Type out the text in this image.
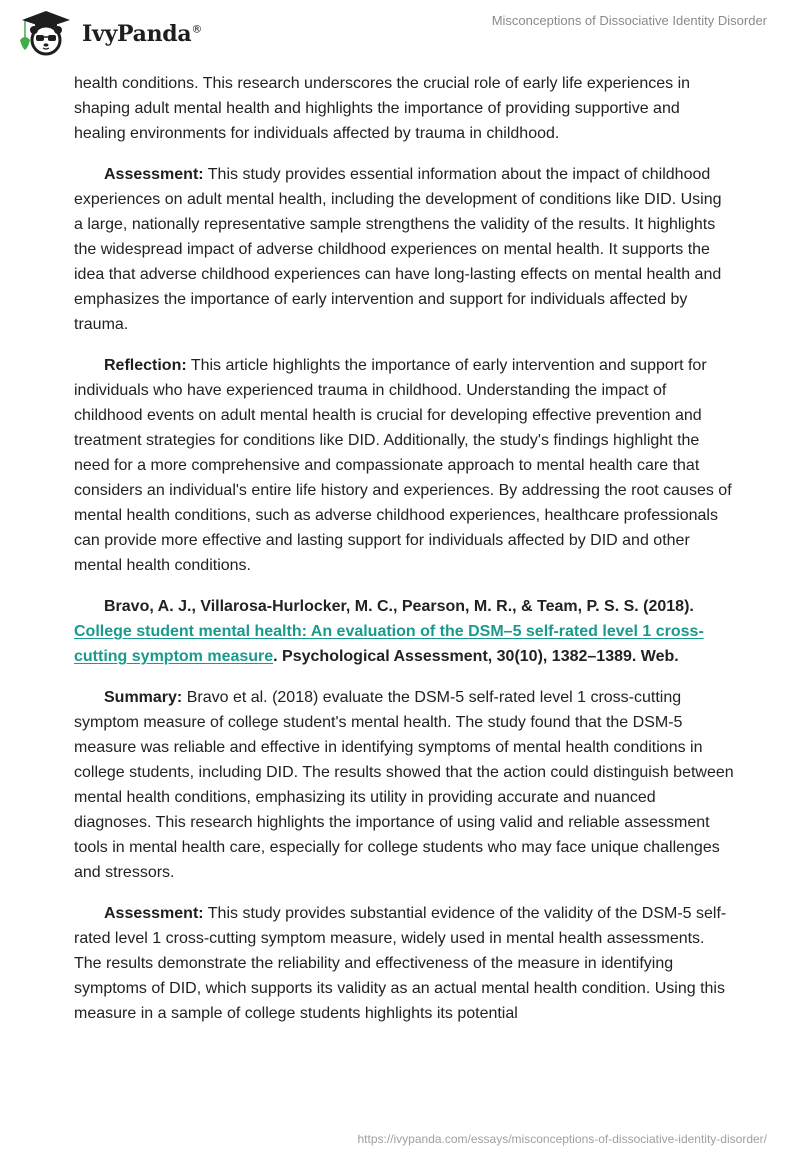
IvyPanda®
Misconceptions of Dissociative Identity Disorder

health conditions. This research underscores the crucial role of early life experiences in shaping adult mental health and highlights the importance of providing supportive and healing environments for individuals affected by trauma in childhood.

Assessment: This study provides essential information about the impact of childhood experiences on adult mental health, including the development of conditions like DID. Using a large, nationally representative sample strengthens the validity of the results. It highlights the widespread impact of adverse childhood experiences on mental health. It supports the idea that adverse childhood experiences can have long-lasting effects on mental health and emphasizes the importance of early intervention and support for individuals affected by trauma.

Reflection: This article highlights the importance of early intervention and support for individuals who have experienced trauma in childhood. Understanding the impact of childhood events on adult mental health is crucial for developing effective prevention and treatment strategies for conditions like DID. Additionally, the study's findings highlight the need for a more comprehensive and compassionate approach to mental health care that considers an individual's entire life history and experiences. By addressing the root causes of mental health conditions, such as adverse childhood experiences, healthcare professionals can provide more effective and lasting support for individuals affected by DID and other mental health conditions.

Bravo, A. J., Villarosa-Hurlocker, M. C., Pearson, M. R., & Team, P. S. S. (2018). College student mental health: An evaluation of the DSM–5 self-rated level 1 cross-cutting symptom measure. Psychological Assessment, 30(10), 1382–1389. Web.

Summary: Bravo et al. (2018) evaluate the DSM-5 self-rated level 1 cross-cutting symptom measure of college student's mental health. The study found that the DSM-5 measure was reliable and effective in identifying symptoms of mental health conditions in college students, including DID. The results showed that the action could distinguish between mental health conditions, emphasizing its utility in providing accurate and nuanced diagnoses. This research highlights the importance of using valid and reliable assessment tools in mental health care, especially for college students who may face unique challenges and stressors.

Assessment: This study provides substantial evidence of the validity of the DSM-5 self-rated level 1 cross-cutting symptom measure, widely used in mental health assessments. The results demonstrate the reliability and effectiveness of the measure in identifying symptoms of DID, which supports its validity as an actual mental health condition. Using this measure in a sample of college students highlights its potential

https://ivypanda.com/essays/misconceptions-of-dissociative-identity-disorder/
